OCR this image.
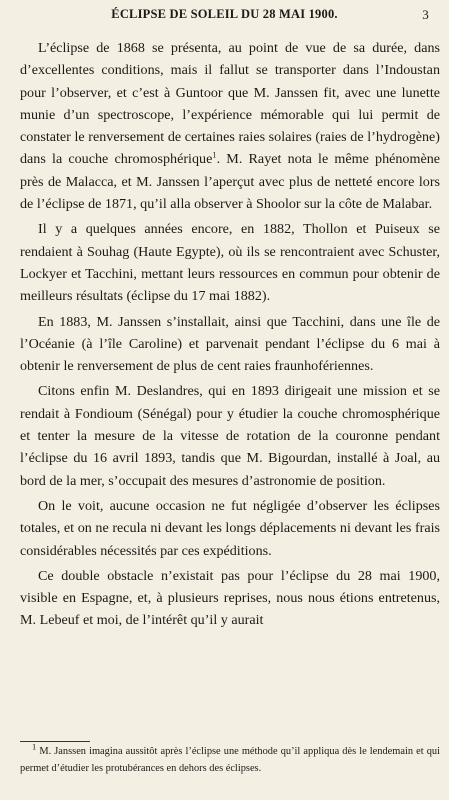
ÉCLIPSE DE SOLEIL DU 28 MAI 1900.	3

L’éclipse de 1868 se présenta, au point de vue de sa durée, dans d’excellentes conditions, mais il fallut se transporter dans l’Indoustan pour l’observer, et c’est à Guntoor que M. Janssen fit, avec une lunette munie d’un spectroscope, l’expérience mémorable qui lui permit de constater le renversement de certaines raies solaires (raies de l’hydrogène) dans la couche chromosphérique$^1$. M. Rayet nota le même phénomène près de Malacca, et M. Janssen l’aperçut avec plus de netteté encore lors de l’éclipse de 1871, qu’il alla observer à Shoolor sur la côte de Malabar.

Il y a quelques années encore, en 1882, Thollon et Puiseux se rendaient à Souhag (Haute Egypte), où ils se rencontraient avec Schuster, Lockyer et Tacchini, mettant leurs ressources en commun pour obtenir de meilleurs résultats (éclipse du 17 mai 1882).

En 1883, M. Janssen s’installait, ainsi que Tacchini, dans une île de l’Océanie (à l’île Caroline) et parvenait pendant l’éclipse du 6 mai à obtenir le renversement de plus de cent raies fraunhofériennes.

Citons enfin M. Deslandres, qui en 1893 dirigeait une mission et se rendait à Fondioum (Sénégal) pour y étudier la couche chromosphérique et tenter la mesure de la vitesse de rotation de la couronne pendant l’éclipse du 16 avril 1893, tandis que M. Bigourdan, installé à Joal, au bord de la mer, s’occupait des mesures d’astronomie de position.

On le voit, aucune occasion ne fut négligée d’observer les éclipses totales, et on ne recula ni devant les longs déplacements ni devant les frais considérables nécessités par ces expéditions.

Ce double obstacle n’existait pas pour l’éclipse du 28 mai 1900, visible en Espagne, et, à plusieurs reprises, nous nous étions entretenus, M. Lebeuf et moi, de l’intérêt qu’il y aurait

$^1$ M. Janssen imagina aussitôt après l’éclipse une méthode qu’il appliqua dès le lendemain et qui permet d’étudier les protubérances en dehors des éclipses.
